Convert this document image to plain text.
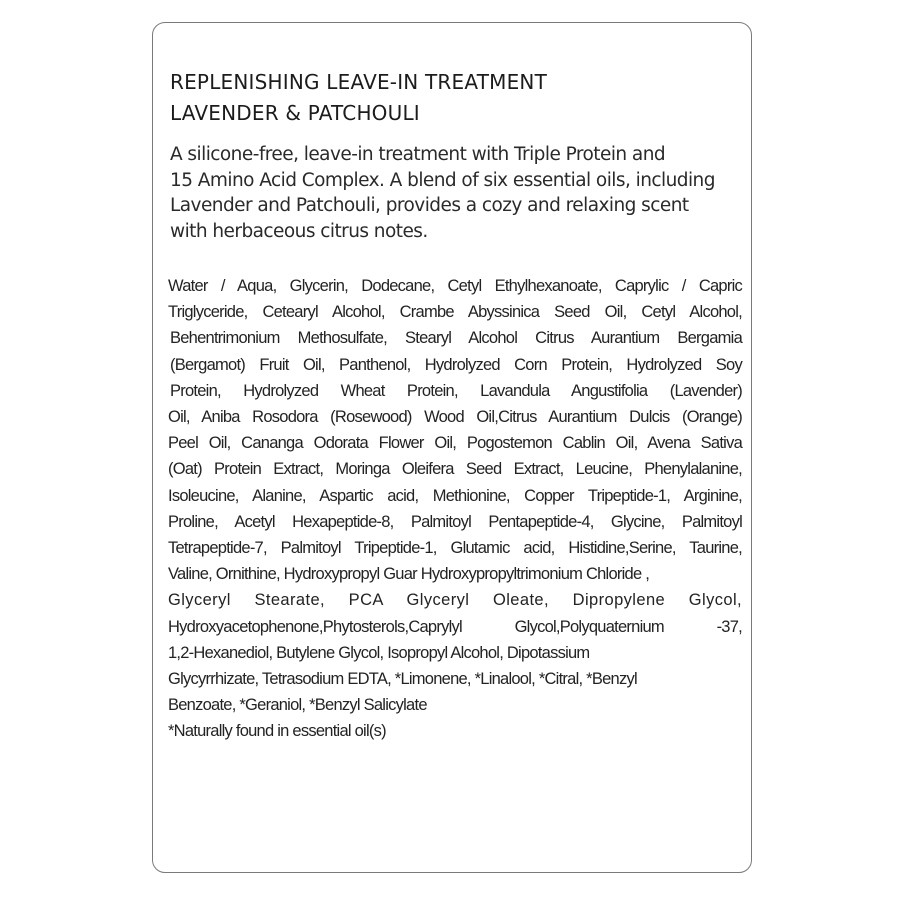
REPLENISHING LEAVE-IN TREATMENT
LAVENDER & PATCHOULI

A silicone-free, leave-in treatment with Triple Protein and
15 Amino Acid Complex. A blend of six essential oils, including
Lavender and Patchouli, provides a cozy and relaxing scent
with herbaceous citrus notes.

Water / Aqua, Glycerin, Dodecane, Cetyl Ethylhexanoate, Caprylic / Capric
Triglyceride, Cetearyl Alcohol, Crambe Abyssinica Seed Oil, Cetyl Alcohol,
Behentrimonium Methosulfate, Stearyl Alcohol Citrus Aurantium Bergamia
(Bergamot) Fruit Oil, Panthenol, Hydrolyzed Corn Protein, Hydrolyzed Soy
Protein, Hydrolyzed Wheat Protein, Lavandula Angustifolia (Lavender)
Oil, Aniba Rosodora (Rosewood) Wood Oil,Citrus Aurantium Dulcis (Orange)
Peel Oil, Cananga Odorata Flower Oil, Pogostemon Cablin Oil, Avena Sativa
(Oat) Protein Extract, Moringa Oleifera Seed Extract, Leucine, Phenylalanine,
Isoleucine, Alanine, Aspartic acid, Methionine, Copper Tripeptide-1, Arginine,
Proline, Acetyl Hexapeptide-8, Palmitoyl Pentapeptide-4, Glycine, Palmitoyl
Tetrapeptide-7, Palmitoyl Tripeptide-1, Glutamic acid, Histidine,Serine, Taurine,
Valine, Ornithine, Hydroxypropyl Guar Hydroxypropyltrimonium Chloride ,
Glyceryl Stearate, PCA Glyceryl Oleate, Dipropylene Glycol,
Hydroxyacetophenone,Phytosterols,Caprylyl Glycol,Polyquaternium -37,
1,2-Hexanediol, Butylene Glycol, Isopropyl Alcohol, Dipotassium
Glycyrrhizate, Tetrasodium EDTA, *Limonene, *Linalool, *Citral, *Benzyl
Benzoate, *Geraniol, *Benzyl Salicylate
*Naturally found in essential oil(s)
